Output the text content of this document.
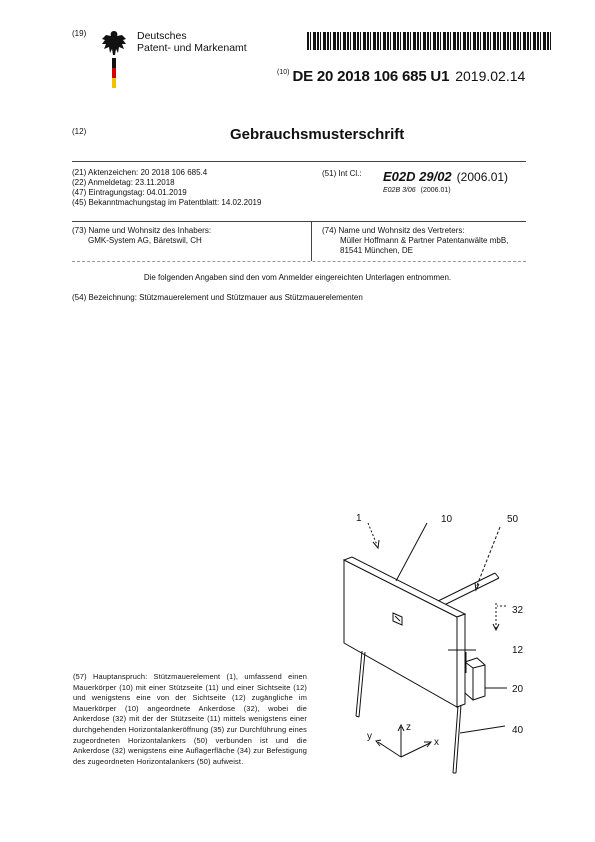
(19)	Deutsches
Patent- und Markenamt
(10) DE 20 2018 106 685 U1 2019.02.14
(12)	Gebrauchsmusterschrift
(21) Aktenzeichen: 20 2018 106 685.4
(22) Anmeldetag: 23.11.2018
(47) Eintragungstag: 04.01.2019
(45) Bekanntmachungstag im Patentblatt: 14.02.2019
(51) Int Cl.: E02D 29/02 (2006.01)
E02B 3/06 (2006.01)
(73) Name und Wohnsitz des Inhabers:
GMK-System AG, Bäretswil, CH
(74) Name und Wohnsitz des Vertreters:
Müller Hoffmann & Partner Patentanwälte mbB,
81541 München, DE
Die folgenden Angaben sind den vom Anmelder eingereichten Unterlagen entnommen.
(54) Bezeichnung: Stützmauerelement und Stützmauer aus Stützmauerelementen
(57) Hauptanspruch: Stützmauerelement (1), umfassend einen Mauerkörper (10) mit einer Stützseite (11) und einer Sichtseite (12) und wenigstens eine von der Sichtseite (12) zugängliche im Mauerkörper (10) angeordnete Ankerdose (32), wobei die Ankerdose (32) mit der der Stützseite (11) mittels wenigstens einer durchgehenden Horizontalankeröffnung (35) zur Durchführung eines zugeordneten Horizontalankers (50) verbunden ist und die Ankerdose (32) wenigstens eine Auflagerfläche (34) zur Befestigung des zugeordneten Horizontalankers (50) aufweist.
1	10	50
32
12
20
40
z
y
x
